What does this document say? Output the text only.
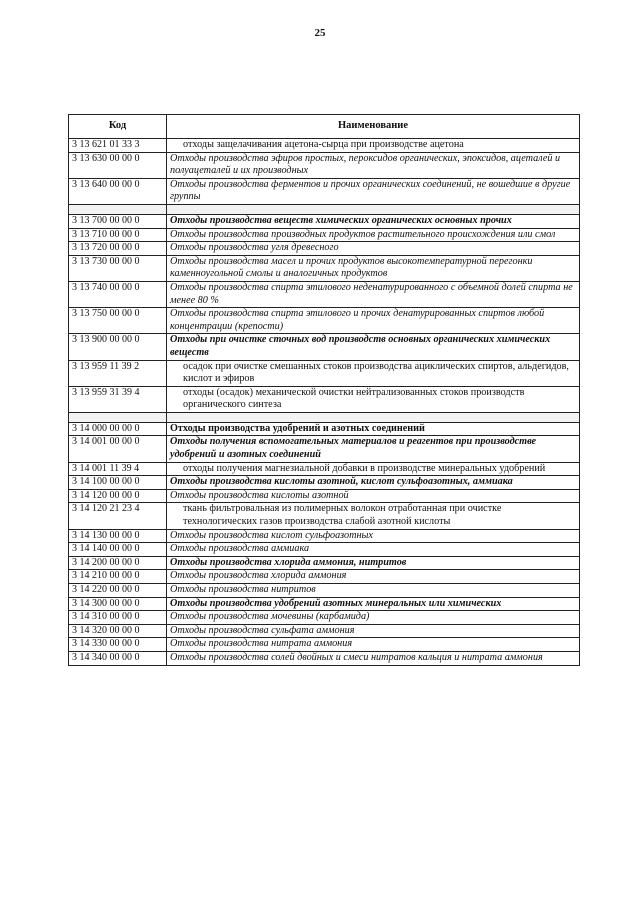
25
Код	Наименование
3 13 621 01 33 3	отходы защелачивания ацетона-сырца при производстве ацетона
3 13 630 00 00 0	Отходы производства эфиров простых, пероксидов органических, эпоксидов, ацеталей и полуацеталей и их производных
3 13 640 00 00 0	Отходы производства ферментов и прочих органических соединений, не вошедшие в другие группы

3 13 700 00 00 0	Отходы производства веществ химических органических основных прочих
3 13 710 00 00 0	Отходы производства производных продуктов растительного происхождения или смол
3 13 720 00 00 0	Отходы производства угля древесного
3 13 730 00 00 0	Отходы производства масел и прочих продуктов высокотемпературной перегонки каменноугольной смолы и аналогичных продуктов
3 13 740 00 00 0	Отходы производства спирта этилового неденатурированного с объемной долей спирта не менее 80 %
3 13 750 00 00 0	Отходы производства спирта этилового и прочих денатурированных спиртов любой концентрации (крепости)
3 13 900 00 00 0	Отходы при очистке сточных вод производств основных органических химических веществ
3 13 959 11 39 2	осадок при очистке смешанных стоков производства ациклических спиртов, альдегидов, кислот и эфиров
3 13 959 31 39 4	отходы (осадок) механической очистки нейтрализованных стоков производств органического синтеза

3 14 000 00 00 0	Отходы производства удобрений и азотных соединений
3 14 001 00 00 0	Отходы получения вспомогательных материалов и реагентов при производстве удобрений и азотных соединений
3 14 001 11 39 4	отходы получения магнезиальной добавки в производстве минеральных удобрений
3 14 100 00 00 0	Отходы производства кислоты азотной, кислот сульфоазотных, аммиака
3 14 120 00 00 0	Отходы производства кислоты азотной
3 14 120 21 23 4	ткань фильтровальная из полимерных волокон отработанная при очистке технологических газов производства слабой азотной кислоты
3 14 130 00 00 0	Отходы производства кислот сульфоазотных
3 14 140 00 00 0	Отходы производства аммиака
3 14 200 00 00 0	Отходы производства хлорида аммония, нитритов
3 14 210 00 00 0	Отходы производства хлорида аммония
3 14 220 00 00 0	Отходы производства нитритов
3 14 300 00 00 0	Отходы производства удобрений азотных минеральных или химических
3 14 310 00 00 0	Отходы производства мочевины (карбамида)
3 14 320 00 00 0	Отходы производства сульфата аммония
3 14 330 00 00 0	Отходы производства нитрата аммония
3 14 340 00 00 0	Отходы производства солей двойных и смеси нитратов кальция и нитрата аммония
